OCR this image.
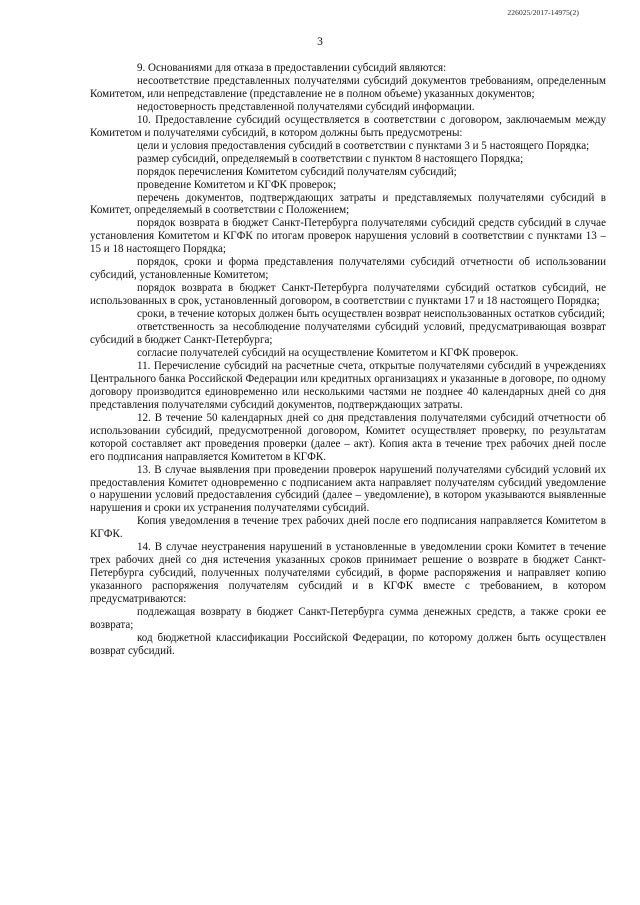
226025/2017-14975(2)
3

9. Основаниями для отказа в предоставлении субсидий являются:

несоответствие представленных получателями субсидий документов требованиям, определенным Комитетом, или непредставление (представление не в полном объеме) указанных документов;

недостоверность представленной получателями субсидий информации.

10. Предоставление субсидий осуществляется в соответствии с договором, заключаемым между Комитетом и получателями субсидий, в котором должны быть предусмотрены:

цели и условия предоставления субсидий в соответствии с пунктами 3 и 5 настоящего Порядка;

размер субсидий, определяемый в соответствии с пунктом 8 настоящего Порядка;

порядок перечисления Комитетом субсидий получателям субсидий;

проведение Комитетом и КГФК проверок;

перечень документов, подтверждающих затраты и представляемых получателями субсидий в Комитет, определяемый в соответствии с Положением;

порядок возврата в бюджет Санкт-Петербурга получателями субсидий средств субсидий в случае установления Комитетом и КГФК по итогам проверок нарушения условий в соответствии с пунктами 13 – 15 и 18 настоящего Порядка;

порядок, сроки и форма представления получателями субсидий отчетности об использовании субсидий, установленные Комитетом;

порядок возврата в бюджет Санкт-Петербурга получателями субсидий остатков субсидий, не использованных в срок, установленный договором, в соответствии с пунктами 17 и 18 настоящего Порядка;

сроки, в течение которых должен быть осуществлен возврат неиспользованных остатков субсидий;

ответственность за несоблюдение получателями субсидий условий, предусматривающая возврат субсидий в бюджет Санкт-Петербурга;

согласие получателей субсидий на осуществление Комитетом и КГФК проверок.

11. Перечисление субсидий на расчетные счета, открытые получателями субсидий в учреждениях Центрального банка Российской Федерации или кредитных организациях и указанные в договоре, по одному договору производится единовременно или несколькими частями не позднее 40 календарных дней со дня представления получателями субсидий документов, подтверждающих затраты.

12. В течение 50 календарных дней со дня представления получателями субсидий отчетности об использовании субсидий, предусмотренной договором, Комитет осуществляет проверку, по результатам которой составляет акт проведения проверки (далее – акт). Копия акта в течение трех рабочих дней после его подписания направляется Комитетом в КГФК.

13. В случае выявления при проведении проверок нарушений получателями субсидий условий их предоставления Комитет одновременно с подписанием акта направляет получателям субсидий уведомление о нарушении условий предоставления субсидий (далее – уведомление), в котором указываются выявленные нарушения и сроки их устранения получателями субсидий.

Копия уведомления в течение трех рабочих дней после его подписания направляется Комитетом в КГФК.

14. В случае неустранения нарушений в установленные в уведомлении сроки Комитет в течение трех рабочих дней со дня истечения указанных сроков принимает решение о возврате в бюджет Санкт-Петербурга субсидий, полученных получателями субсидий, в форме распоряжения и направляет копию указанного распоряжения получателям субсидий и в КГФК вместе с требованием, в котором предусматриваются:

подлежащая возврату в бюджет Санкт-Петербурга сумма денежных средств, а также сроки ее возврата;

код бюджетной классификации Российской Федерации, по которому должен быть осуществлен возврат субсидий.
